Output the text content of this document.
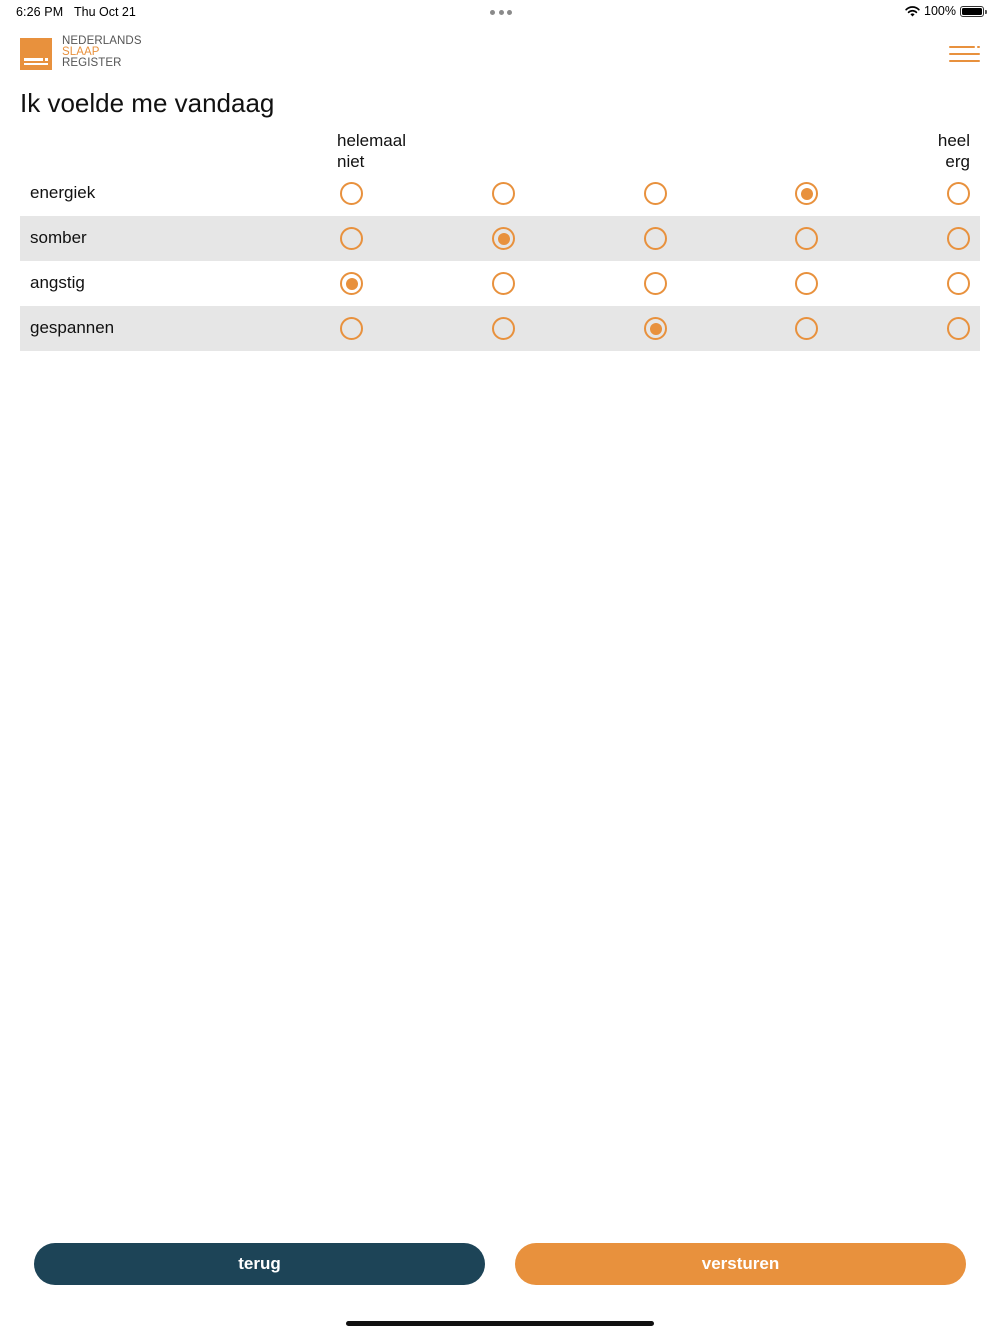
6:26 PM Thu Oct 21	100%
NEDERLANDS
SLAAP
REGISTER
Ik voelde me vandaag
helemaal
niet
heel
erg
energiek
somber
angstig
gespannen
terug	versturen
